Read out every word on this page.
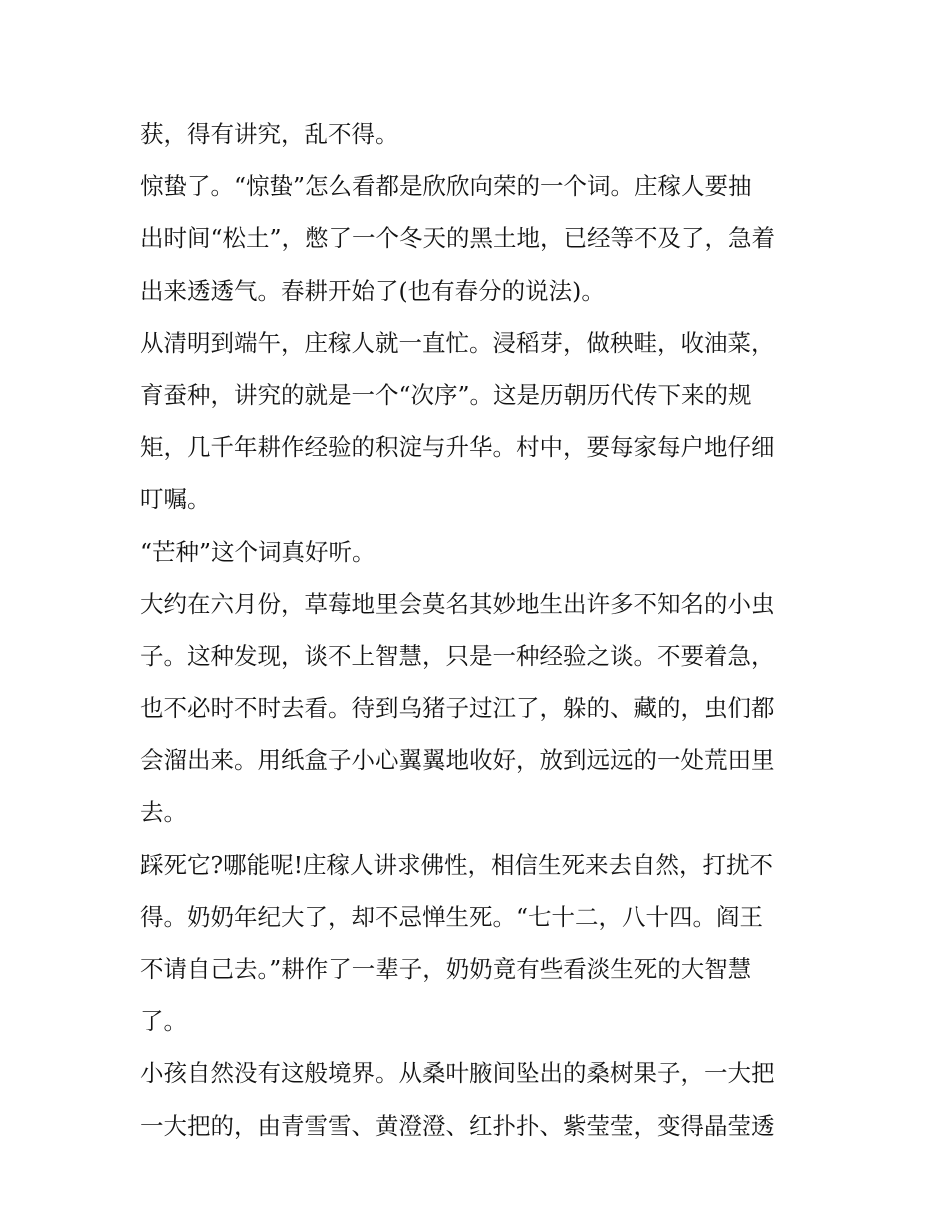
获，得有讲究，乱不得。
惊蛰了。“惊蛰”怎么看都是欣欣向荣的一个词。庄稼人要抽
出时间“松土”，憋了一个冬天的黑土地，已经等不及了，急着
出来透透气。春耕开始了(也有春分的说法)。
从清明到端午，庄稼人就一直忙。浸稻芽，做秧畦，收油菜，
育蚕种，讲究的就是一个“次序”。这是历朝历代传下来的规
矩，几千年耕作经验的积淀与升华。村中，要每家每户地仔细
叮嘱。
“芒种”这个词真好听。
大约在六月份，草莓地里会莫名其妙地生出许多不知名的小虫
子。这种发现，谈不上智慧，只是一种经验之谈。不要着急，
也不必时不时去看。待到乌猪子过江了，躲的、藏的，虫们都
会溜出来。用纸盒子小心翼翼地收好，放到远远的一处荒田里
去。
踩死它?哪能呢!庄稼人讲求佛性，相信生死来去自然，打扰不
得。奶奶年纪大了，却不忌惮生死。“七十二，八十四。阎王
不请自己去。”耕作了一辈子，奶奶竟有些看淡生死的大智慧
了。
小孩自然没有这般境界。从桑叶腋间坠出的桑树果子，一大把
一大把的，由青雪雪、黄澄澄、红扑扑、紫莹莹，变得晶莹透
